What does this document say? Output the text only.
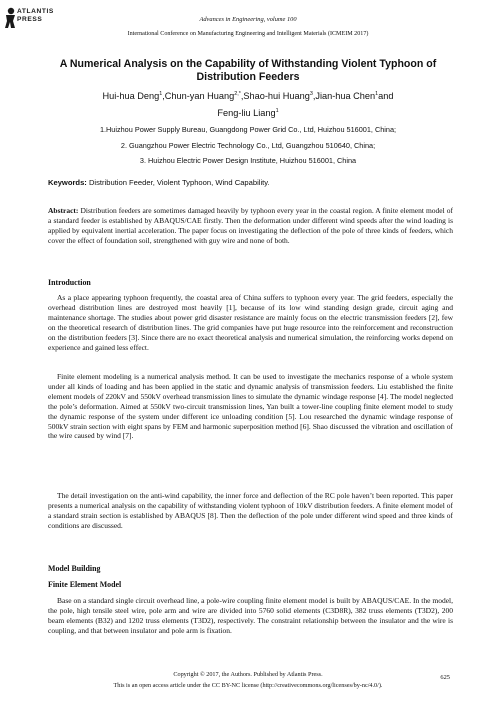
ATLANTIS PRESS	Advances in Engineering, volume 100
International Conference on Manufacturing Engineering and Intelligent Materials (ICMEIM 2017)
A Numerical Analysis on the Capability of Withstanding Violent Typhoon of Distribution Feeders
Hui-hua Deng$^1$,Chun-yan Huang$^{2,*}$,Shao-hui Huang$^3$,Jian-hua Chen$^1$and
Feng-liu Liang$^1$
1.Huizhou Power Supply Bureau, Guangdong Power Grid Co., Ltd, Huizhou 516001, China;
2. Guangzhou Power Electric Technology Co., Ltd, Guangzhou 510640, China;
3. Huizhou Electric Power Design Institute, Huizhou 516001, China
Keywords: Distribution Feeder, Violent Typhoon, Wind Capability.
Abstract: Distribution feeders are sometimes damaged heavily by typhoon every year in the coastal region. A finite element model of a standard feeder is established by ABAQUS/CAE firstly. Then the deformation under different wind speeds after the wind loading is applied by equivalent inertial acceleration. The paper focus on investigating the deflection of the pole of three kinds of feeders, which cover the effect of foundation soil, strengthened with guy wire and none of both.
Introduction
As a place appearing typhoon frequently, the coastal area of China suffers to typhoon every year. The grid feeders, especially the overhead distribution lines are destroyed most heavily [1], because of its low wind standing design grade, circuit aging and maintenance shortage. The studies about power grid disaster resistance are mainly focus on the electric transmission feeders [2], few on the theoretical research of distribution lines. The grid companies have put huge resource into the reinforcement and reconstruction on the distribution feeders [3]. Since there are no exact theoretical analysis and numerical simulation, the reinforcing works depend on experience and gained less effect.
Finite element modeling is a numerical analysis method. It can be used to investigate the mechanics response of a whole system under all kinds of loading and has been applied in the static and dynamic analysis of transmission feeders. Liu established the finite element models of 220kV and 550kV overhead transmission lines to simulate the dynamic windage response [4]. The model neglected the pole’s deformation. Aimed at 550kV two-circuit transmission lines, Yan built a tower-line coupling finite element model to study the dynamic response of the system under different ice unloading condition [5]. Lou researched the dynamic windage response of 500kV strain section with eight spans by FEM and harmonic superposition method [6]. Shao discussed the vibration and oscillation of the wire caused by wind [7].
The detail investigation on the anti-wind capability, the inner force and deflection of the RC pole haven’t been reported. This paper presents a numerical analysis on the capability of withstanding violent typhoon of 10kV distribution feeders. A finite element model of a standard strain section is established by ABAQUS [8]. Then the deflection of the pole under different wind speed and three kinds of conditions are discussed.
Model Building
Finite Element Model
Base on a standard single circuit overhead line, a pole-wire coupling finite element model is built by ABAQUS/CAE. In the model, the pole, high tensile steel wire, pole arm and wire are divided into 5760 solid elements (C3D8R), 382 truss elements (T3D2), 200 beam elements (B32) and 1202 truss elements (T3D2), respectively. The constraint relationship between the insulator and the wire is coupling, and that between insulator and pole arm is fixation.
Copyright © 2017, the Authors. Published by Atlantis Press.
This is an open access article under the CC BY-NC license (http://creativecommons.org/licenses/by-nc/4.0/).
625
